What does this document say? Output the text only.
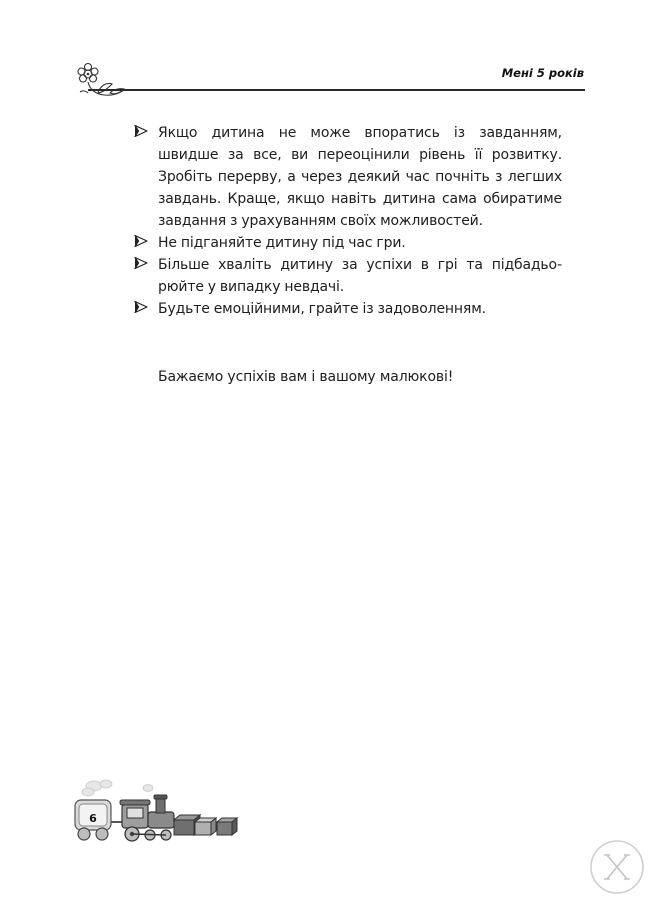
Мені 5 років
Якщо дитина не може впоратись із завданням, швидше за все, ви переоцінили рівень її розвитку. Зробіть перерву, а через деякий час почніть з легших завдань. Краще, якщо навіть дитина сама обиратиме завдання з урахуванням своїх можливостей.
Не підганяйте дитину під час гри.
Більше хваліть дитину за успіхи в грі та підбадьорюйте у випадку невдачі.
Будьте емоційними, грайте із задоволенням.
Бажаємо успіхів вам і вашому малюкові!
6
